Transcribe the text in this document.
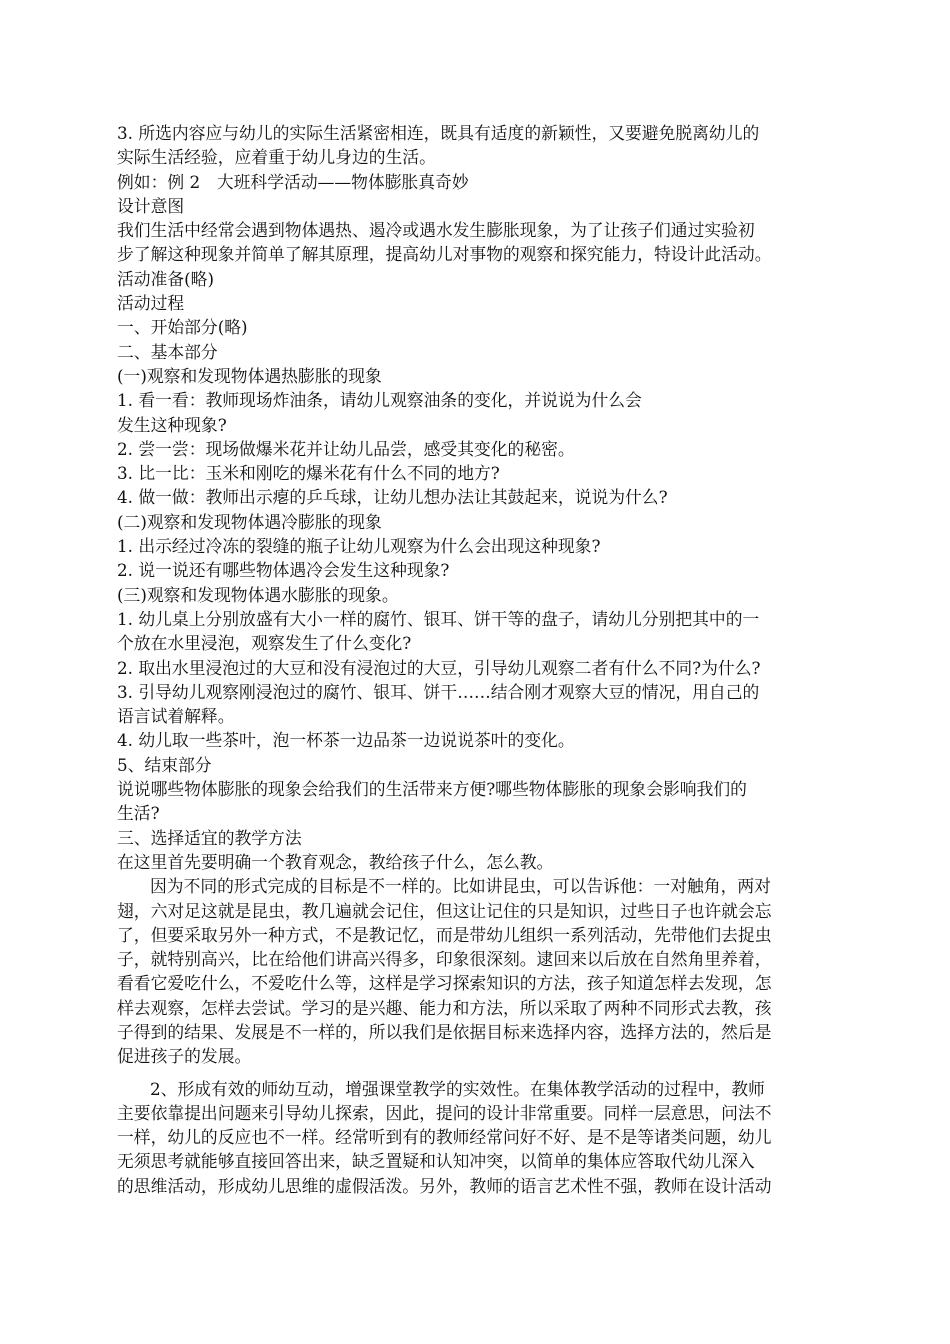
3. 所选内容应与幼儿的实际生活紧密相连，既具有适度的新颖性，又要避免脱离幼儿的
实际生活经验，应着重于幼儿身边的生活。
例如：例 2　大班科学活动——物体膨胀真奇妙
设计意图
我们生活中经常会遇到物体遇热、遏冷或遇水发生膨胀现象，为了让孩子们通过实验初
步了解这种现象并简单了解其原理，提高幼儿对事物的观察和探究能力，特设计此活动。
活动准备(略)
活动过程
一、开始部分(略)
二、基本部分
(一)观察和发现物体遇热膨胀的现象
1. 看一看：教师现场炸油条，请幼儿观察油条的变化，并说说为什么会
发生这种现象?
2. 尝一尝：现场做爆米花并让幼儿品尝，感受其变化的秘密。
3. 比一比：玉米和刚吃的爆米花有什么不同的地方?
4. 做一做：教师出示瘪的乒乓球，让幼儿想办法让其鼓起来，说说为什么?
(二)观察和发现物体遇冷膨胀的现象
1. 出示经过冷冻的裂缝的瓶子让幼儿观察为什么会出现这种现象?
2. 说一说还有哪些物体遇冷会发生这种现象?
(三)观察和发现物体遇水膨胀的现象。
1. 幼儿桌上分别放盛有大小一样的腐竹、银耳、饼干等的盘子，请幼儿分别把其中的一
个放在水里浸泡，观察发生了什么变化?
2. 取出水里浸泡过的大豆和没有浸泡过的大豆，引导幼儿观察二者有什么不同?为什么?
3. 引导幼儿观察刚浸泡过的腐竹、银耳、饼干……结合刚才观察大豆的情况，用自己的
语言试着解释。
4. 幼儿取一些茶叶，泡一杯茶一边品茶一边说说茶叶的变化。
5、结束部分
说说哪些物体膨胀的现象会给我们的生活带来方便?哪些物体膨胀的现象会影响我们的
生活?
三、选择适宜的教学方法
在这里首先要明确一个教育观念，教给孩子什么，怎么教。
因为不同的形式完成的目标是不一样的。比如讲昆虫，可以告诉他：一对触角，两对
翅，六对足这就是昆虫，教几遍就会记住，但这让记住的只是知识，过些日子也许就会忘
了，但要采取另外一种方式，不是教记忆，而是带幼儿组织一系列活动，先带他们去捉虫
子，就特别高兴，比在给他们讲高兴得多，印象很深刻。逮回来以后放在自然角里养着，
看看它爱吃什么，不爱吃什么等，这样是学习探索知识的方法，孩子知道怎样去发现，怎
样去观察，怎样去尝试。学习的是兴趣、能力和方法，所以采取了两种不同形式去教，孩
子得到的结果、发展是不一样的，所以我们是依据目标来选择内容，选择方法的，然后是
促进孩子的发展。
2、形成有效的师幼互动，增强课堂教学的实效性。在集体教学活动的过程中，教师
主要依靠提出问题来引导幼儿探索，因此，提问的设计非常重要。同样一层意思，问法不
一样，幼儿的反应也不一样。经常听到有的教师经常问好不好、是不是等诸类问题，幼儿
无须思考就能够直接回答出来，缺乏置疑和认知冲突，以简单的集体应答取代幼儿深入
的思维活动，形成幼儿思维的虚假活泼。另外，教师的语言艺术性不强，教师在设计活动
